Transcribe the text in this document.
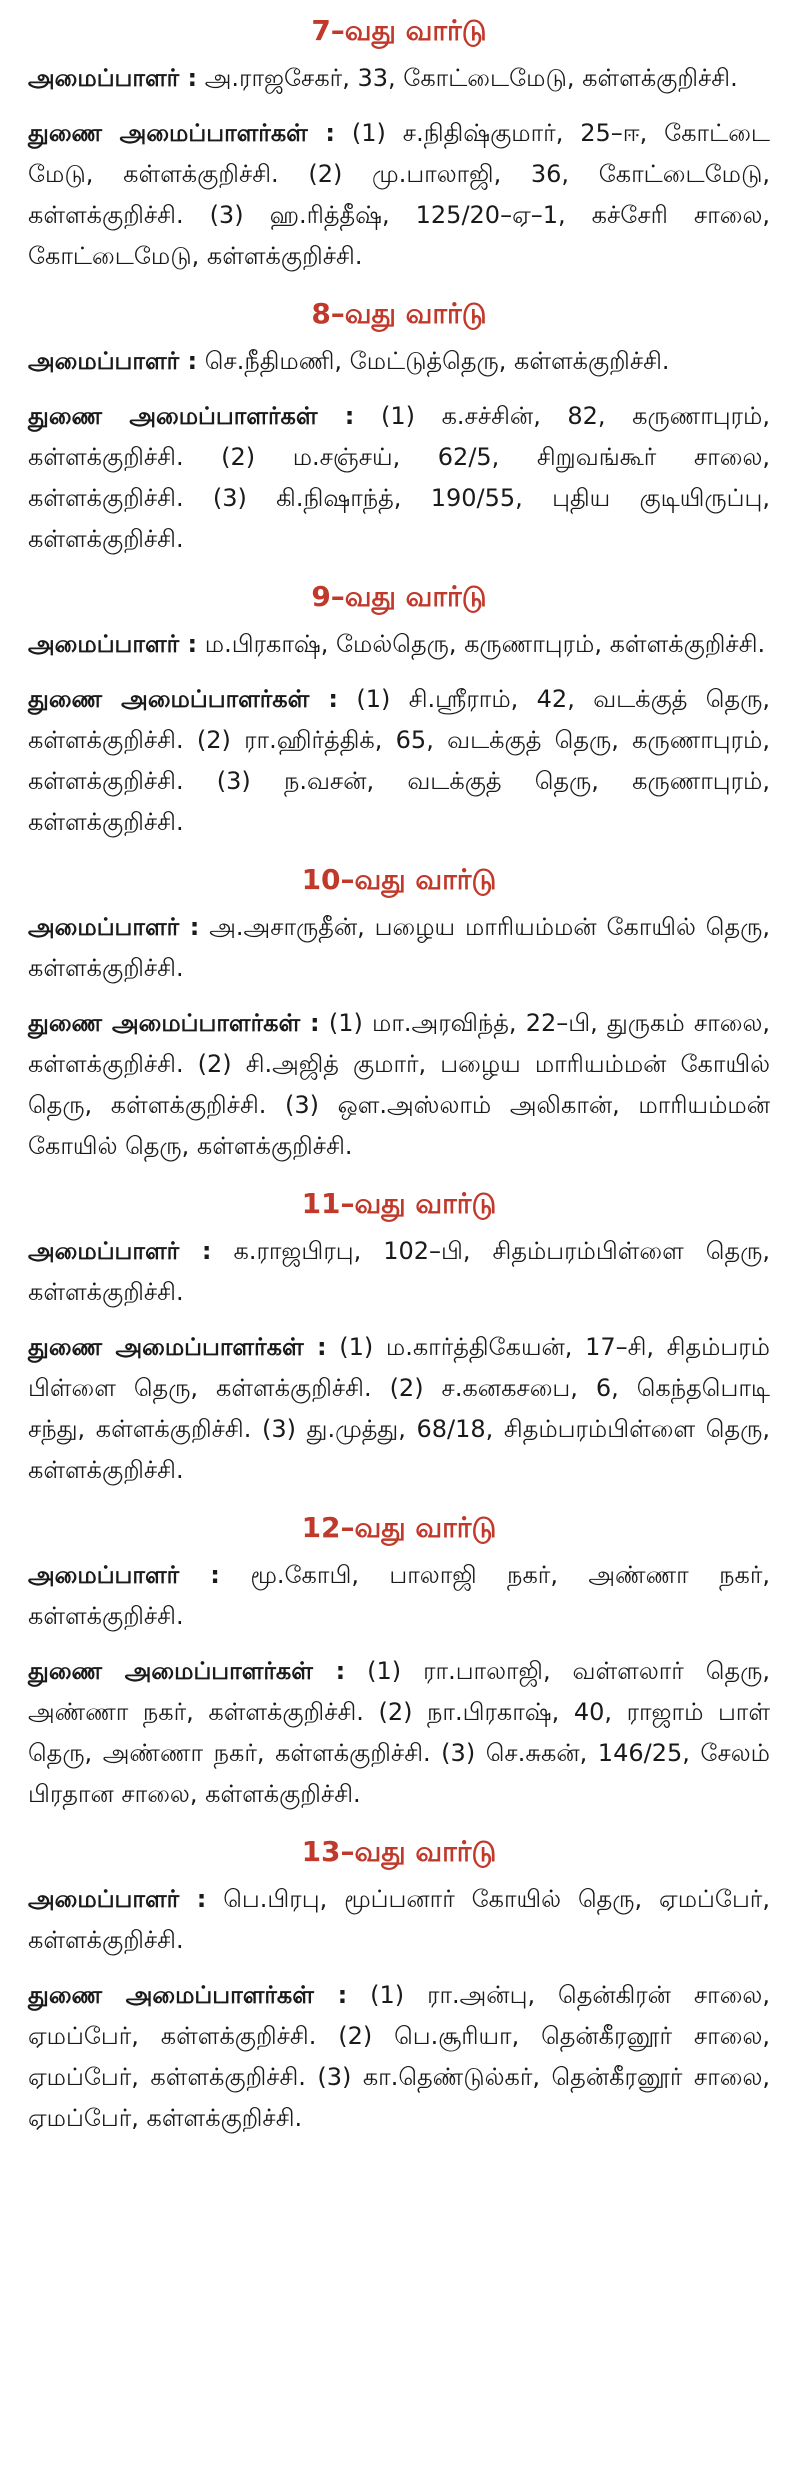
7–வது வார்டு

அமைப்பாளர் : அ.ராஜசேகர், 33, கோட்டைமேடு, கள்ளக்குறிச்சி.

துணை அமைப்பாளர்கள் : (1) ச.நிதிஷ்குமார், 25–ஈ, கோட்டை மேடு, கள்ளக்குறிச்சி. (2) மு.பாலாஜி, 36, கோட்டைமேடு, கள்ளக்குறிச்சி. (3) ஹ.ரித்தீஷ், 125/20–ஏ–1, கச்சேரி சாலை, கோட்டைமேடு, கள்ளக்குறிச்சி.

8–வது வார்டு

அமைப்பாளர் : செ.நீதிமணி, மேட்டுத்தெரு, கள்ளக்குறிச்சி.

துணை அமைப்பாளர்கள் : (1) க.சச்சின், 82, கருணாபுரம், கள்ளக்குறிச்சி. (2) ம.சஞ்சய், 62/5, சிறுவங்கூர் சாலை, கள்ளக்குறிச்சி. (3) கி.நிஷாந்த், 190/55, புதிய குடியிருப்பு, கள்ளக்குறிச்சி.

9–வது வார்டு

அமைப்பாளர் : ம.பிரகாஷ், மேல்தெரு, கருணாபுரம், கள்ளக்குறிச்சி.

துணை அமைப்பாளர்கள் : (1) சி.ஸ்ரீராம், 42, வடக்குத் தெரு, கள்ளக்குறிச்சி. (2) ரா.ஹிர்த்திக், 65, வடக்குத் தெரு, கருணாபுரம், கள்ளக்குறிச்சி. (3) ந.வசன், வடக்குத் தெரு, கருணாபுரம், கள்ளக்குறிச்சி.

10–வது வார்டு

அமைப்பாளர் : அ.அசாருதீன், பழைய மாரியம்மன் கோயில் தெரு, கள்ளக்குறிச்சி.

துணை அமைப்பாளர்கள் : (1) மா.அரவிந்த், 22–பி, துருகம் சாலை, கள்ளக்குறிச்சி. (2) சி.அஜித் குமார், பழைய மாரியம்மன் கோயில் தெரு, கள்ளக்குறிச்சி. (3) ஒள.அஸ்லாம் அலிகான், மாரியம்மன் கோயில் தெரு, கள்ளக்குறிச்சி.

11–வது வார்டு

அமைப்பாளர் : க.ராஜபிரபு, 102–பி, சிதம்பரம்பிள்ளை தெரு, கள்ளக்குறிச்சி.

துணை அமைப்பாளர்கள் : (1) ம.கார்த்திகேயன், 17–சி, சிதம்பரம் பிள்ளை தெரு, கள்ளக்குறிச்சி. (2) ச.கனகசபை, 6, கெந்தபொடி சந்து, கள்ளக்குறிச்சி. (3) து.முத்து, 68/18, சிதம்பரம்பிள்ளை தெரு, கள்ளக்குறிச்சி.

12–வது வார்டு

அமைப்பாளர் : மூ.கோபி, பாலாஜி நகர், அண்ணா நகர், கள்ளக்குறிச்சி.

துணை அமைப்பாளர்கள் : (1) ரா.பாலாஜி, வள்ளலார் தெரு, அண்ணா நகர், கள்ளக்குறிச்சி. (2) நா.பிரகாஷ், 40, ராஜாம் பாள் தெரு, அண்ணா நகர், கள்ளக்குறிச்சி. (3) செ.சுகன், 146/25, சேலம் பிரதான சாலை, கள்ளக்குறிச்சி.

13–வது வார்டு

அமைப்பாளர் : பெ.பிரபு, மூப்பனார் கோயில் தெரு, ஏமப்பேர், கள்ளக்குறிச்சி.

துணை அமைப்பாளர்கள் : (1) ரா.அன்பு, தென்கிரன் சாலை, ஏமப்பேர், கள்ளக்குறிச்சி. (2) பெ.சூரியா, தென்கீரனூர் சாலை, ஏமப்பேர், கள்ளக்குறிச்சி. (3) கா.தெண்டுல்கர், தென்கீரனூர் சாலை, ஏமப்பேர், கள்ளக்குறிச்சி.
